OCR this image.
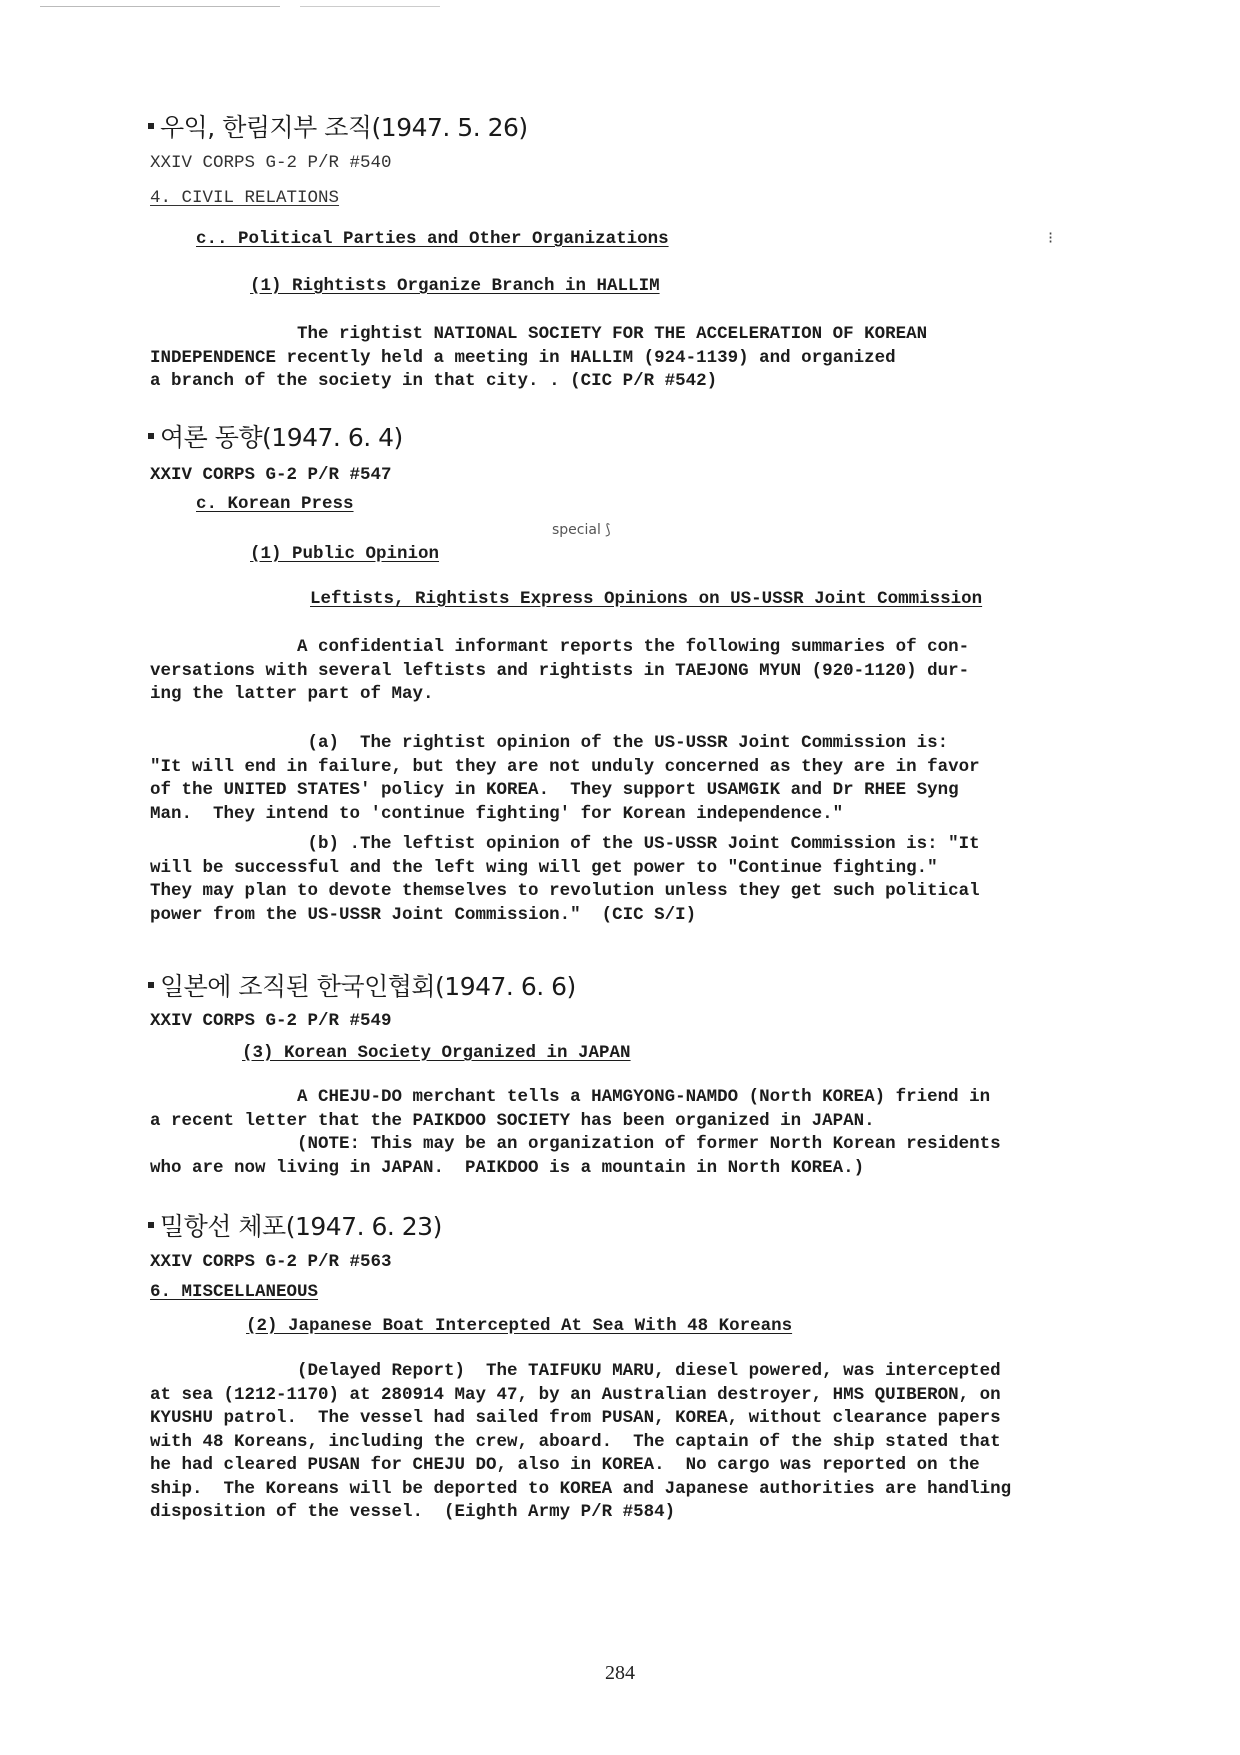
우익, 한림지부 조직(1947. 5. 26)
XXIV CORPS G-2 P/R #540
4. CIVIL RELATIONS
c.. Political Parties and Other Organizations
(1) Rightists Organize Branch in HALLIM
The rightist NATIONAL SOCIETY FOR THE ACCELERATION OF KOREAN
INDEPENDENCE recently held a meeting in HALLIM (924-1139) and organized
a branch of the society in that city. . (CIC P/R #542)
⁝
여론 동향(1947. 6. 4)
XXIV CORPS G-2 P/R #547
c. Korean Press
(1) Public Opinion
special ⟆
Leftists, Rightists Express Opinions on US-USSR Joint Commission
A confidential informant reports the following summaries of con-
versations with several leftists and rightists in TAEJONG MYUN (920-1120) dur-
ing the latter part of May.
(a)  The rightist opinion of the US-USSR Joint Commission is:
"It will end in failure, but they are not unduly concerned as they are in favor
of the UNITED STATES' policy in KOREA.  They support USAMGIK and Dr RHEE Syng
Man.  They intend to 'continue fighting' for Korean independence."
(b) .The leftist opinion of the US-USSR Joint Commission is: "It
will be successful and the left wing will get power to "Continue fighting."
They may plan to devote themselves to revolution unless they get such political
power from the US-USSR Joint Commission."  (CIC S/I)
일본에 조직된 한국인협회(1947. 6. 6)
XXIV CORPS G-2 P/R #549
(3) Korean Society Organized in JAPAN
A CHEJU-DO merchant tells a HAMGYONG-NAMDO (North KOREA) friend in
a recent letter that the PAIKDOO SOCIETY has been organized in JAPAN.
(NOTE: This may be an organization of former North Korean residents
who are now living in JAPAN.  PAIKDOO is a mountain in North KOREA.)
밀항선 체포(1947. 6. 23)
XXIV CORPS G-2 P/R #563
6. MISCELLANEOUS
(2) Japanese Boat Intercepted At Sea With 48 Koreans
(Delayed Report)  The TAIFUKU MARU, diesel powered, was intercepted
at sea (1212-1170) at 280914 May 47, by an Australian destroyer, HMS QUIBERON, on
KYUSHU patrol.  The vessel had sailed from PUSAN, KOREA, without clearance papers
with 48 Koreans, including the crew, aboard.  The captain of the ship stated that
he had cleared PUSAN for CHEJU DO, also in KOREA.  No cargo was reported on the
ship.  The Koreans will be deported to KOREA and Japanese authorities are handling
disposition of the vessel.  (Eighth Army P/R #584)
284
